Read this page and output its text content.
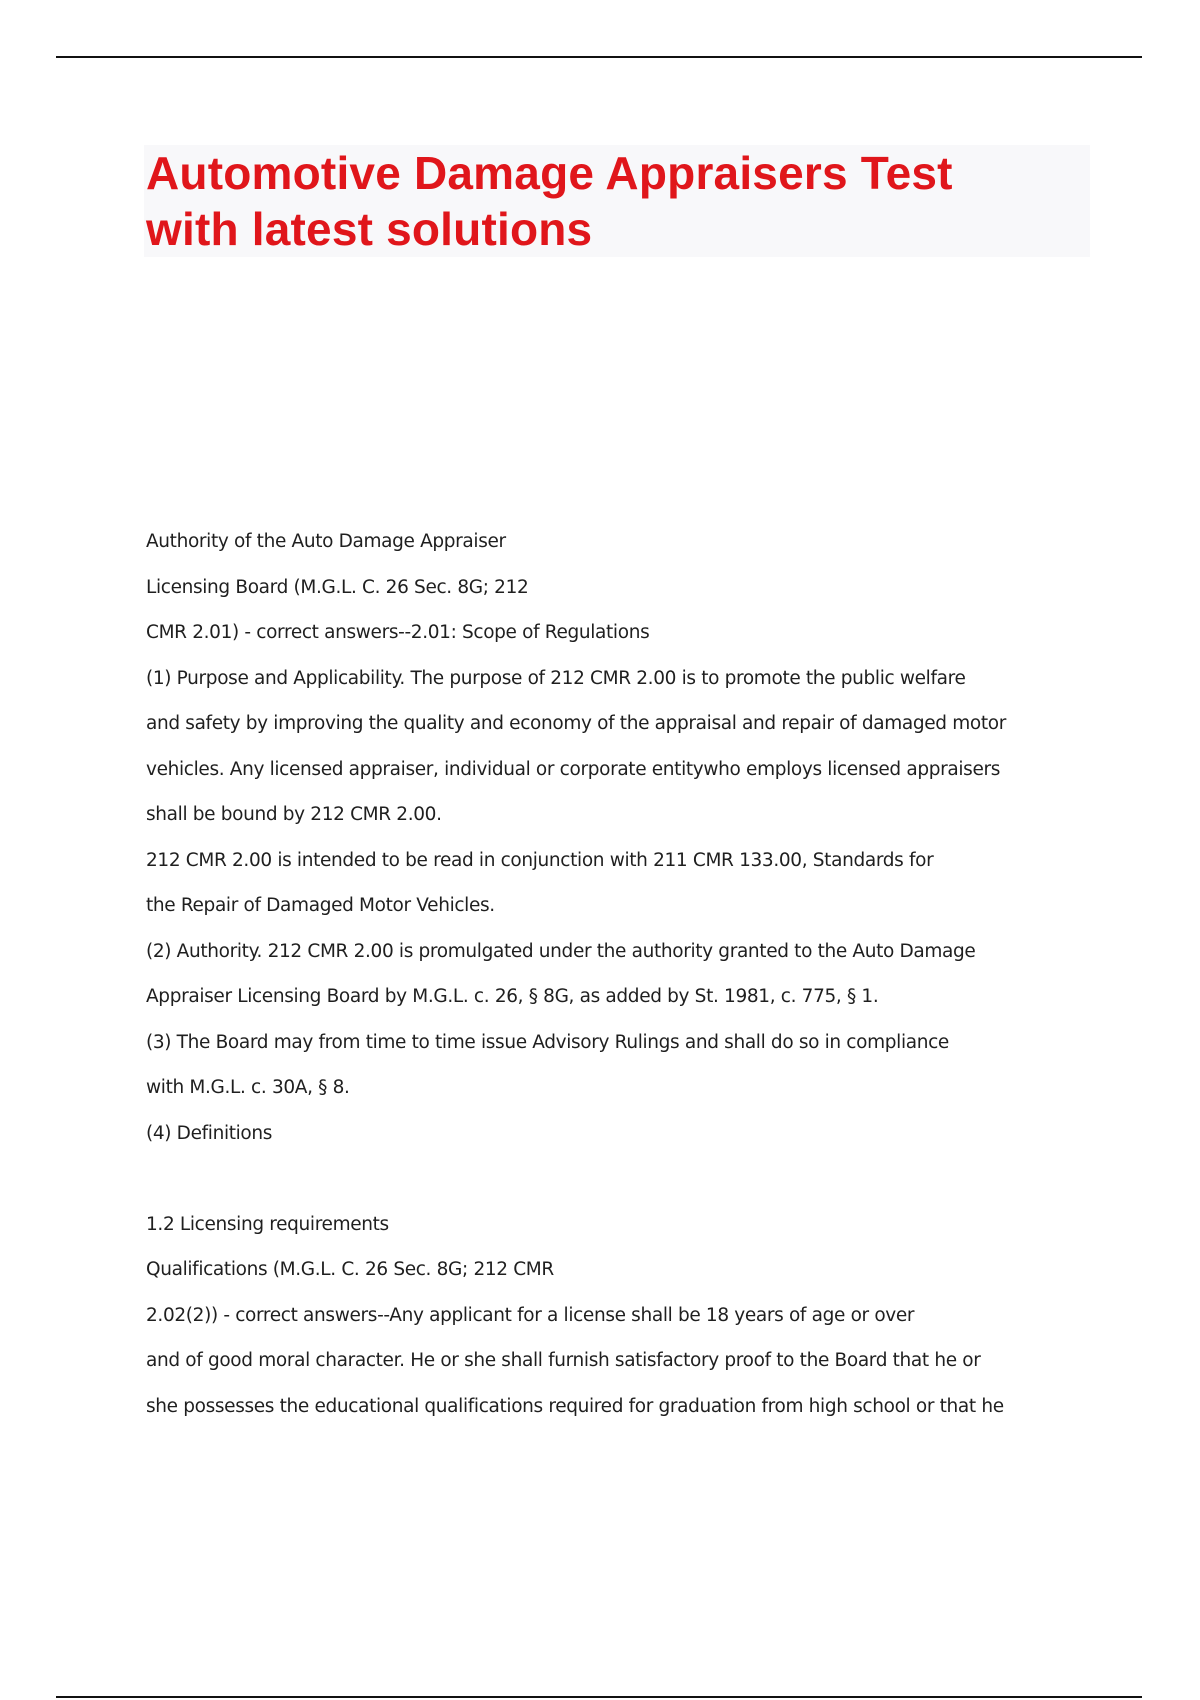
Automotive Damage Appraisers Test
with latest solutions
Authority of the Auto Damage Appraiser
Licensing Board (M.G.L. C. 26 Sec. 8G; 212
CMR 2.01) - correct answers--2.01: Scope of Regulations
(1) Purpose and Applicability. The purpose of 212 CMR 2.00 is to promote the public welfare
and safety by improving the quality and economy of the appraisal and repair of damaged motor
vehicles. Any licensed appraiser, individual or corporate entitywho employs licensed appraisers
shall be bound by 212 CMR 2.00.
212 CMR 2.00 is intended to be read in conjunction with 211 CMR 133.00, Standards for
the Repair of Damaged Motor Vehicles.
(2) Authority. 212 CMR 2.00 is promulgated under the authority granted to the Auto Damage
Appraiser Licensing Board by M.G.L. c. 26, § 8G, as added by St. 1981, c. 775, § 1.
(3) The Board may from time to time issue Advisory Rulings and shall do so in compliance
with M.G.L. c. 30A, § 8.
(4) Definitions
1.2 Licensing requirements
Qualifications (M.G.L. C. 26 Sec. 8G; 212 CMR
2.02(2)) - correct answers--Any applicant for a license shall be 18 years of age or over
and of good moral character. He or she shall furnish satisfactory proof to the Board that he or
she possesses the educational qualifications required for graduation from high school or that he
